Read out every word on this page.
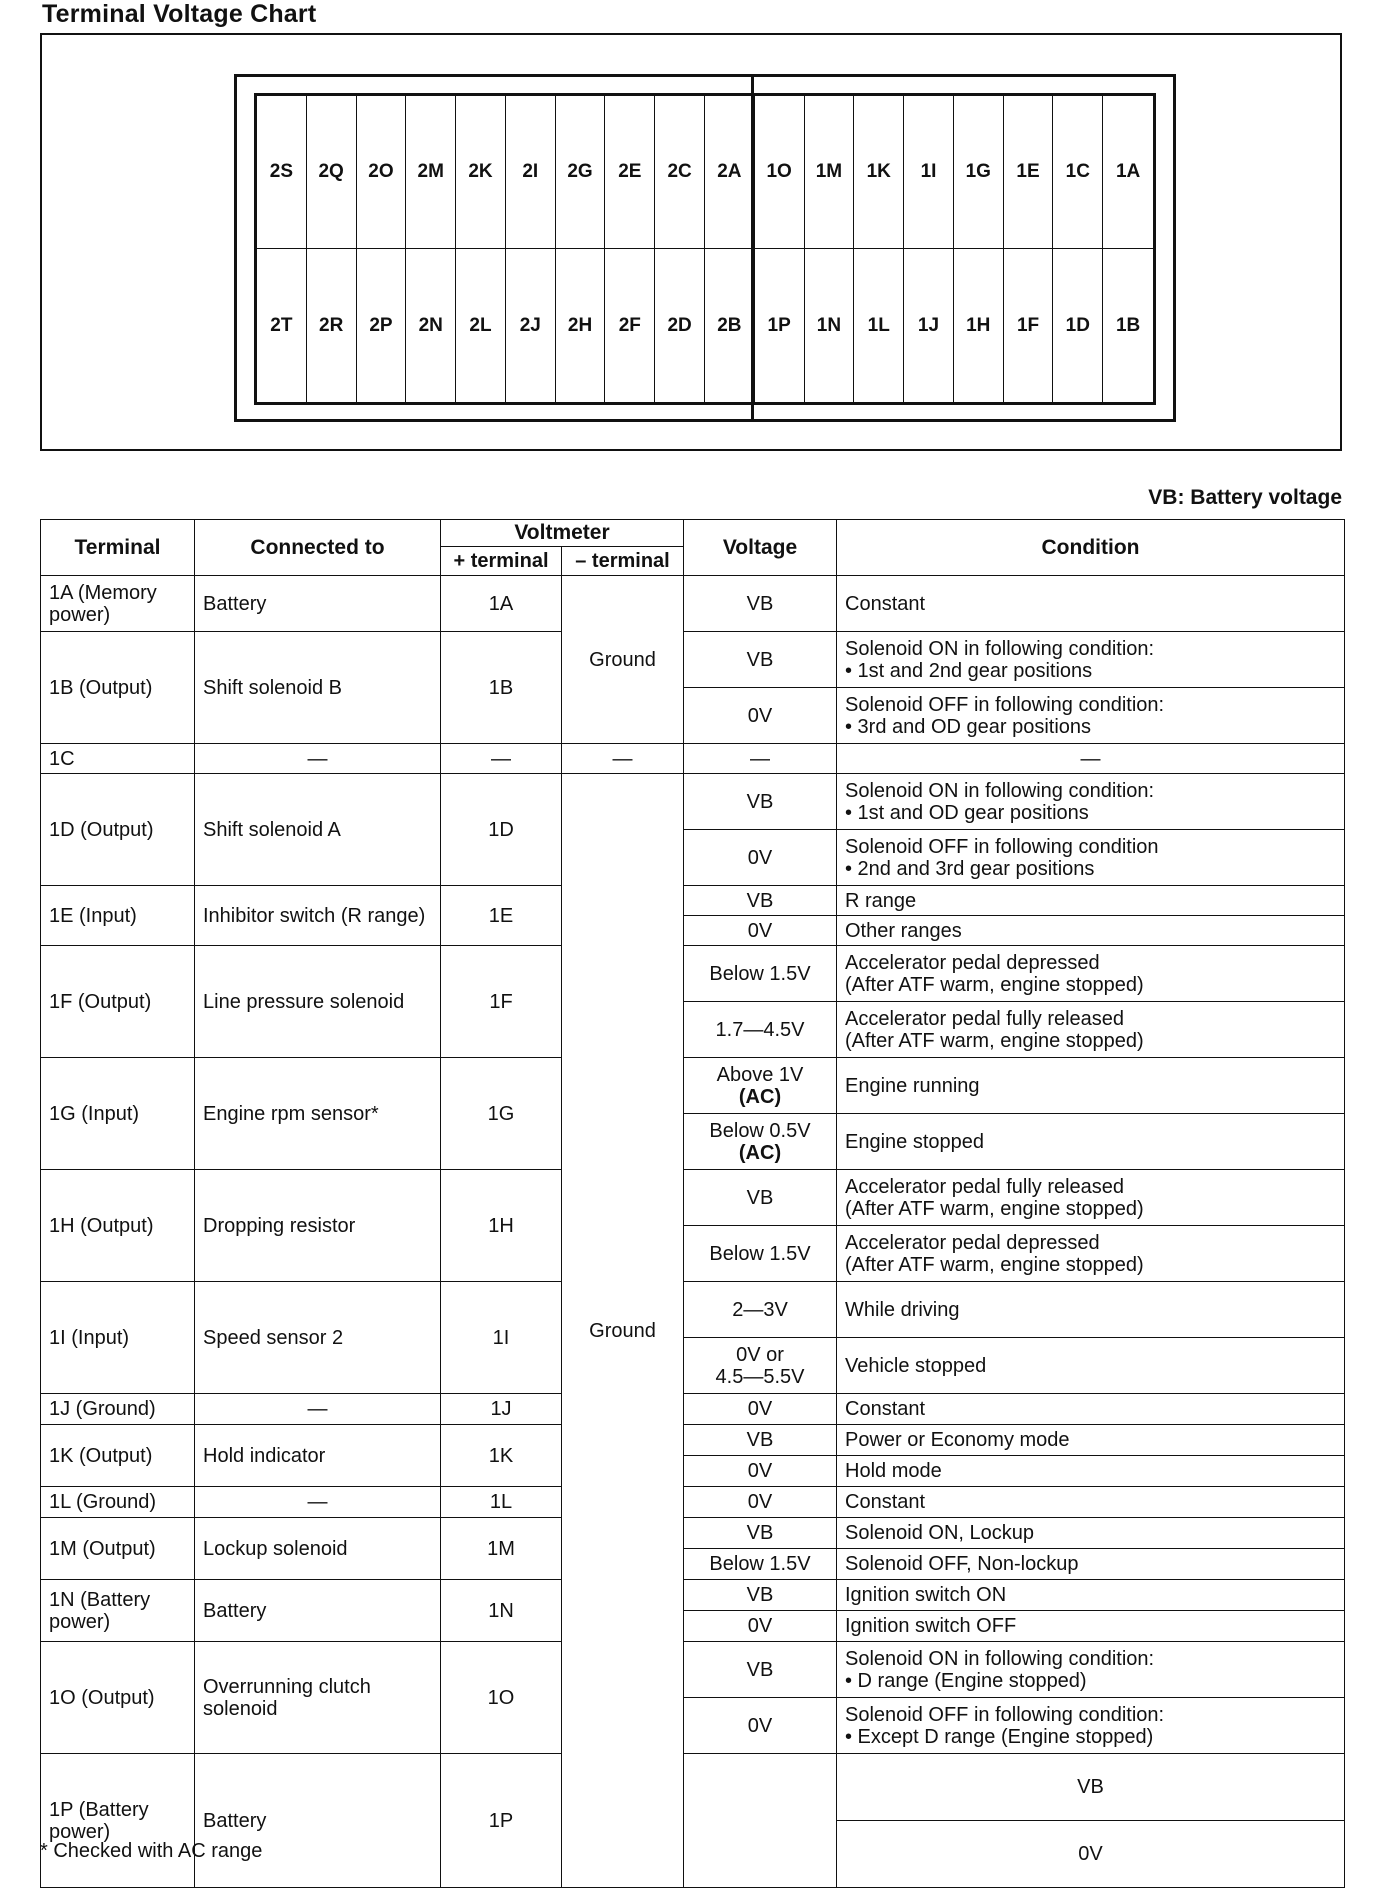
Terminal Voltage Chart
2S	2Q	2O	2M	2K	2I	2G	2E	2C	2A	1O	1M	1K	1I	1G	1E	1C	1A
2T	2R	2P	2N	2L	2J	2H	2F	2D	2B	1P	1N	1L	1J	1H	1F	1D	1B
VB: Battery voltage
Terminal	Connected to	Voltmeter		Voltage	Condition	
		+ terminal	– terminal			
1A (Memory power)	Battery	1A	Ground	VB	Constant	
1B (Output)	Shift solenoid B	1B		VB	Solenoid ON in following condition:
• 1st and 2nd gear positions	
				0V	Solenoid OFF in following condition:
• 3rd and OD gear positions	
1C	—	—	—	—	—	
1D (Output)	Shift solenoid A	1D	Ground	VB	Solenoid ON in following condition:
• 1st and OD gear positions	
				0V	Solenoid OFF in following condition
• 2nd and 3rd gear positions	
1E (Input)	Inhibitor switch (R range)	1E		VB	R range	
				0V	Other ranges	
1F (Output)	Line pressure solenoid	1F		Below 1.5V	Accelerator pedal depressed
(After ATF warm, engine stopped)	
				1.7—4.5V	Accelerator pedal fully released
(After ATF warm, engine stopped)	
1G (Input)	Engine rpm sensor*	1G		Above 1V
(AC)	Engine running	
				Below 0.5V
(AC)	Engine stopped	
1H (Output)	Dropping resistor	1H		VB	Accelerator pedal fully released
(After ATF warm, engine stopped)	
				Below 1.5V	Accelerator pedal depressed
(After ATF warm, engine stopped)	
1I (Input)	Speed sensor 2	1I		2—3V	While driving	
				0V or
4.5—5.5V	Vehicle stopped	
1J (Ground)	—	1J		0V	Constant	
1K (Output)	Hold indicator	1K		VB	Power or Economy mode	
				0V	Hold mode	
1L (Ground)	—	1L		0V	Constant	
1M (Output)	Lockup solenoid	1M		VB	Solenoid ON, Lockup	
				Below 1.5V	Solenoid OFF, Non-lockup	
1N (Battery power)	Battery	1N		VB	Ignition switch ON	
				0V	Ignition switch OFF	
1O (Output)	Overrunning clutch solenoid	1O		VB	Solenoid ON in following condition:
• D range (Engine stopped)	
				0V	Solenoid OFF in following condition:
• Except D range (Engine stopped)	
1P (Battery power)	Battery	1P			VB	
					0V	
* Checked with AC range
